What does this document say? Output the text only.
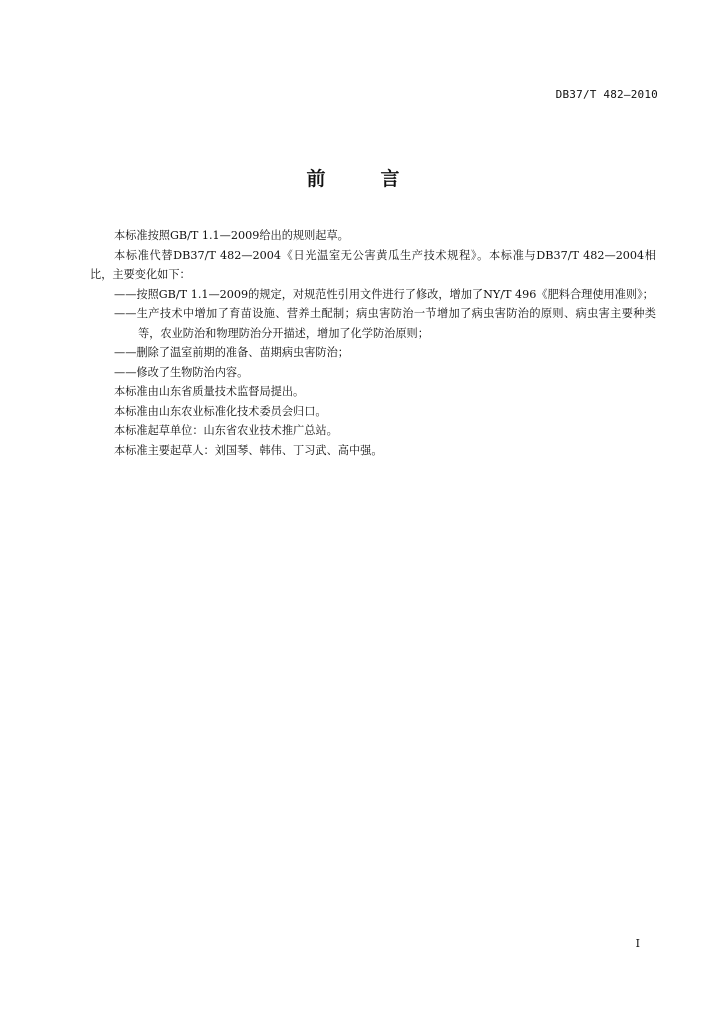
DB37/T 482—2010
前　言

本标准按照GB/T 1.1—2009给出的规则起草。

本标准代替DB37/T 482—2004《日光温室无公害黄瓜生产技术规程》。本标准与DB37/T 482—2004相比，主要变化如下：

——按照GB/T 1.1—2009的规定，对规范性引用文件进行了修改，增加了NY/T 496《肥料合理使用准则》；

——生产技术中增加了育苗设施、营养土配制；病虫害防治一节增加了病虫害防治的原则、病虫害主要种类等，农业防治和物理防治分开描述，增加了化学防治原则；

——删除了温室前期的准备、苗期病虫害防治；

——修改了生物防治内容。

本标准由山东省质量技术监督局提出。

本标准由山东农业标准化技术委员会归口。

本标准起草单位：山东省农业技术推广总站。

本标准主要起草人：刘国琴、韩伟、丁习武、高中强。

I
